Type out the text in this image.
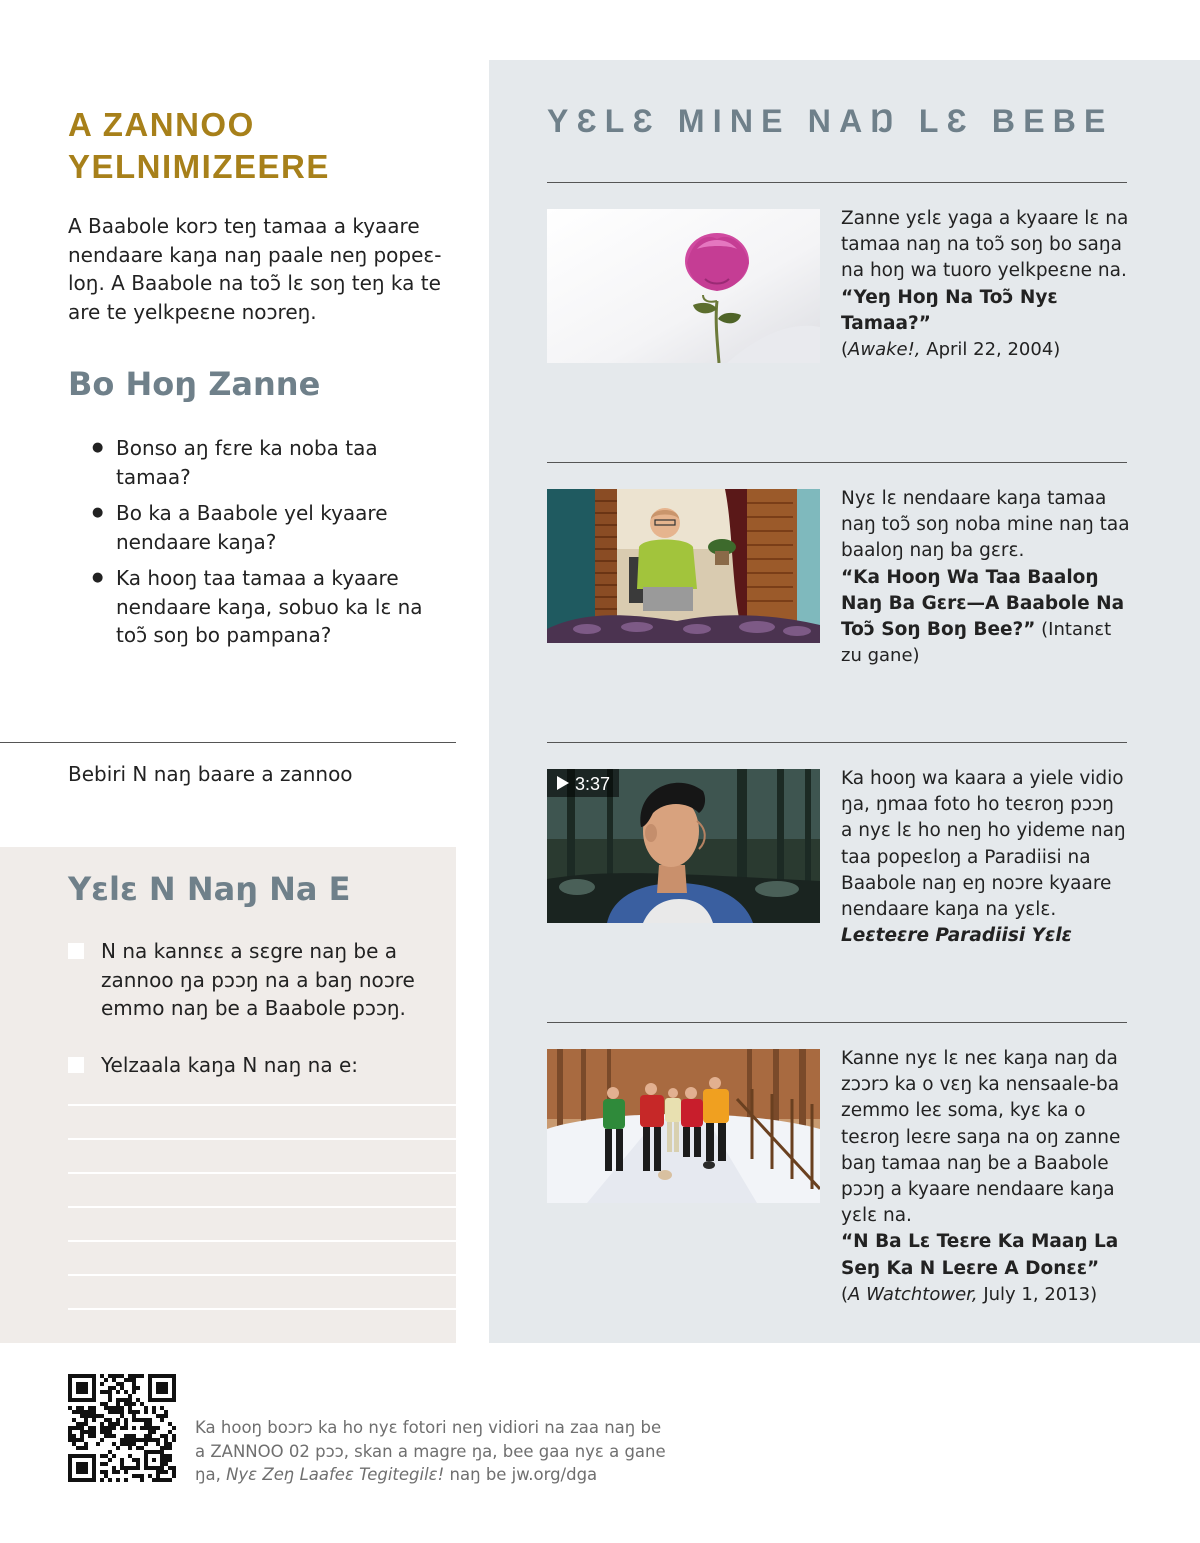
A ZANNOO
YELNIMIZEERE

A Baabole korɔ teŋ tamaa a kyaare nendaare kaŋa naŋ paale neŋ popeɛ-loŋ. A Baabole na toɔ̃ lɛ soŋ teŋ ka te are te yelkpeɛne noɔreŋ.

Bo Hoŋ Zanne
● Bonso aŋ fɛre ka noba taa tamaa?
● Bo ka a Baabole yel kyaare nendaare kaŋa?
● Ka hooŋ taa tamaa a kyaare nendaare kaŋa, sobuo ka lɛ na toɔ̃ soŋ bo pampana?

Bebiri N naŋ baare a zannoo

Yɛlɛ N Naŋ Na E
N na kannɛɛ a sɛgre naŋ be a zannoo ŋa pɔɔŋ na a baŋ noɔre emmo naŋ be a Baabole pɔɔŋ.
Yelzaala kaŋa N naŋ na e:
YƐLƐ MINE NAŊ LƐ BEBE

Zanne yɛlɛ yaga a kyaare lɛ na tamaa naŋ na toɔ̃ soŋ bo saŋa na hoŋ wa tuoro yelkpeɛne na.

“Yeŋ Hoŋ Na Toɔ̃ Nyɛ Tamaa?”

(Awake!, April 22, 2004)

Nyɛ lɛ nendaare kaŋa tamaa naŋ toɔ̃ soŋ noba mine naŋ taa baaloŋ naŋ ba gɛrɛ.

“Ka Hooŋ Wa Taa Baaloŋ Naŋ Ba Gɛrɛ—A Baabole Na Toɔ̃ Soŋ Boŋ Bee?” (Intanɛt zu gane)

3:37	Ka hooŋ wa kaara a yiele vidio ŋa, ŋmaa foto ho teɛroŋ pɔɔŋ a nyɛ lɛ ho neŋ ho yideme naŋ taa popeɛloŋ a Paradiisi na Baabole naŋ eŋ noɔre kyaare nendaare kaŋa na yɛlɛ.

Leɛteɛre Paradiisi Yɛlɛ

Kanne nyɛ lɛ neɛ kaŋa naŋ da zɔɔrɔ ka o vɛŋ ka nensaale-ba zemmo leɛ soma, kyɛ ka o teɛroŋ leɛre saŋa na oŋ zanne baŋ tamaa naŋ be a Baabole pɔɔŋ a kyaare nendaare kaŋa yɛlɛ na.

“N Ba Lɛ Teɛre Ka Maaŋ La Seŋ Ka N Leɛre A Donɛɛ”

(A Watchtower, July 1, 2013)

Ka hooŋ boɔrɔ ka ho nyɛ fotori neŋ vidiori na zaa naŋ be a ZANNOO 02 pɔɔ, skan a magre ŋa, bee gaa nyɛ a gane ŋa, Nyɛ Zeŋ Laafeɛ Tegitegilɛ! naŋ be jw.org/dga
